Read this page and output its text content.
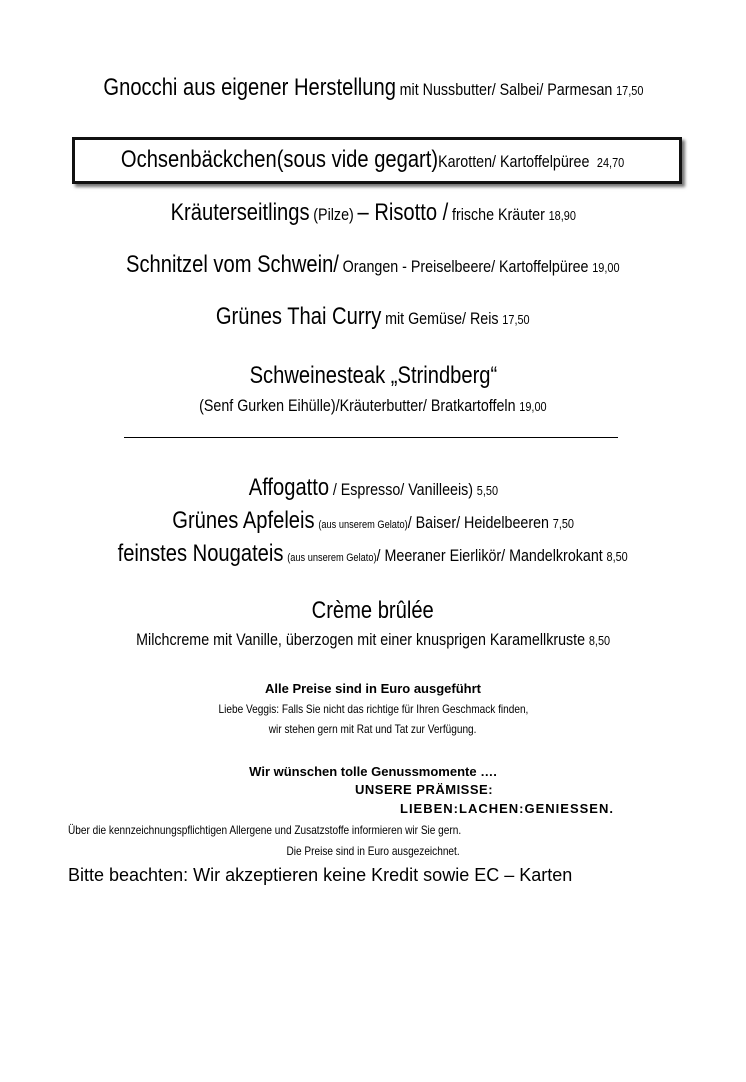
Gnocchi aus eigener Herstellung mit Nussbutter/ Salbei/ Parmesan 17,50
Ochsenbäckchen(sous vide gegart)Karotten/ Kartoffelpüree 24,70
Kräuterseitlings (Pilze) – Risotto / frische Kräuter 18,90
Schnitzel vom Schwein/ Orangen - Preiselbeere/ Kartoffelpüree 19,00
Grünes Thai Curry mit Gemüse/ Reis 17,50
Schweinesteak „Strindberg“
(Senf Gurken Eihülle)/Kräuterbutter/ Bratkartoffeln 19,00
Affogatto / Espresso/ Vanilleeis) 5,50
Grünes Apfeleis (aus unserem Gelato)/ Baiser/ Heidelbeeren 7,50
feinstes Nougateis (aus unserem Gelato)/ Meeraner Eierlikör/ Mandelkrokant 8,50
Crème brûlée
Milchcreme mit Vanille, überzogen mit einer knusprigen Karamellkruste 8,50
Alle Preise sind in Euro ausgeführt
Liebe Veggis: Falls Sie nicht das richtige für Ihren Geschmack finden,
wir stehen gern mit Rat und Tat zur Verfügung.
Wir wünschen tolle Genussmomente ….
UNSERE PRÄMISSE:
LIEBEN:LACHEN:GENIESSEN.
Über die kennzeichnungspflichtigen Allergene und Zusatzstoffe informieren wir Sie gern.
Die Preise sind in Euro ausgezeichnet.
Bitte beachten: Wir akzeptieren keine Kredit sowie EC – Karten
